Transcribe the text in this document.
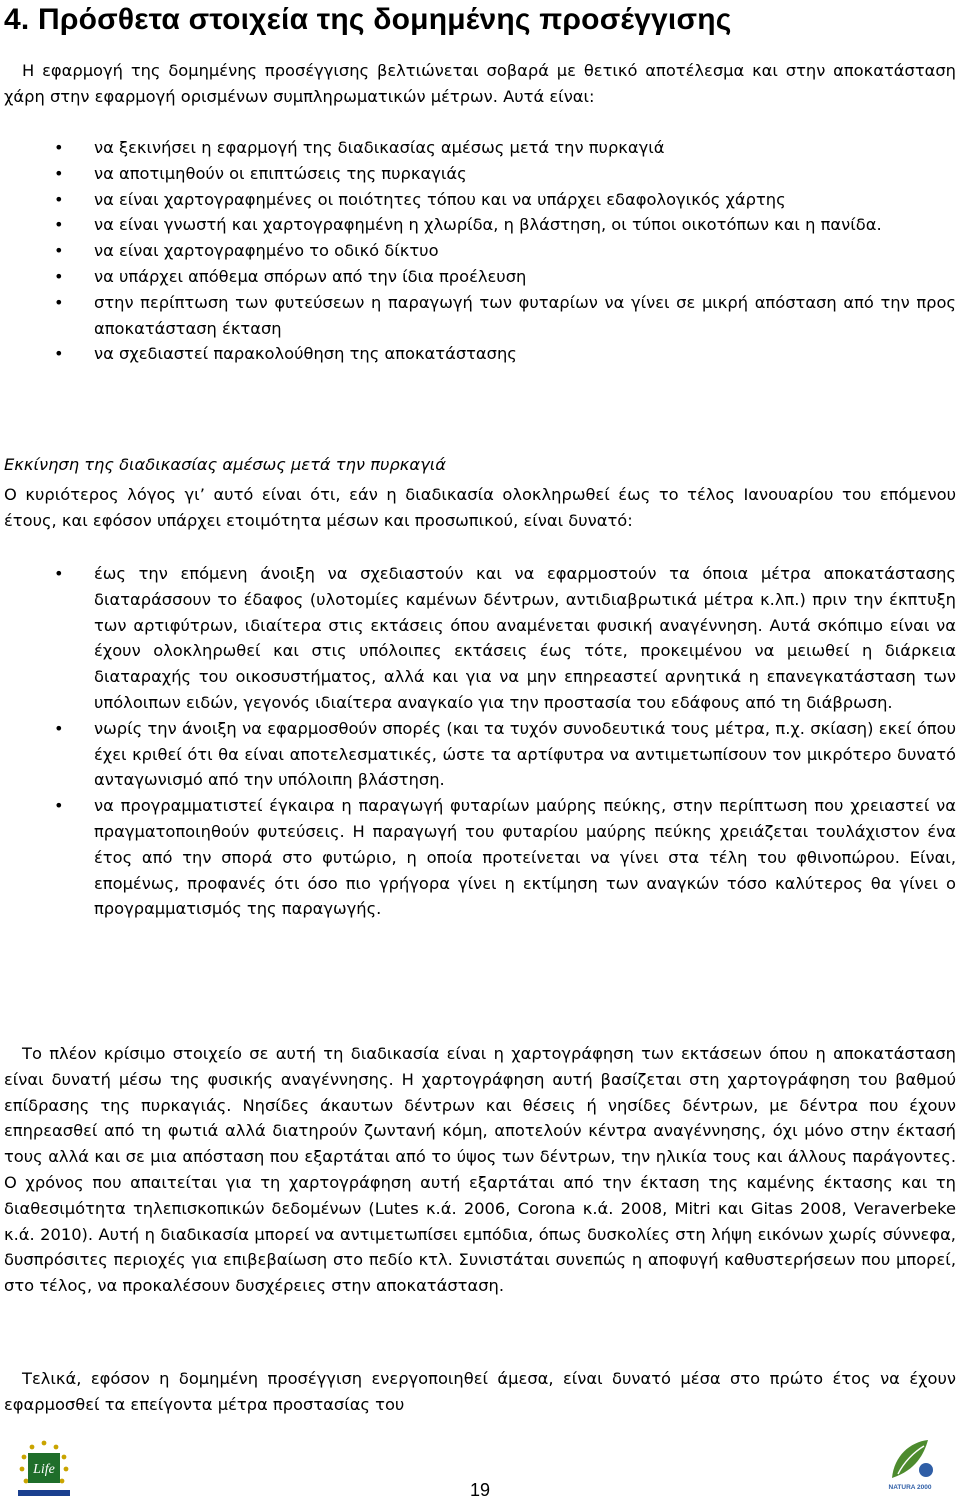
4. Πρόσθετα στοιχεία της δομημένης προσέγγισης
Η εφαρμογή της δομημένης προσέγγισης βελτιώνεται σοβαρά με θετικό αποτέλεσμα και στην αποκατάσταση χάρη στην εφαρμογή ορισμένων συμπληρωματικών μέτρων. Αυτά είναι:
• να ξεκινήσει η εφαρμογή της διαδικασίας αμέσως μετά την πυρκαγιά
• να αποτιμηθούν οι επιπτώσεις της πυρκαγιάς
• να είναι χαρτογραφημένες οι ποιότητες τόπου και να υπάρχει εδαφολογικός χάρτης
• να είναι γνωστή και χαρτογραφημένη η χλωρίδα, η βλάστηση, οι τύποι οικοτόπων και η πανίδα.
• να είναι χαρτογραφημένο το οδικό δίκτυο
• να υπάρχει απόθεμα σπόρων από την ίδια προέλευση
• στην περίπτωση των φυτεύσεων η παραγωγή των φυταρίων να γίνει σε μικρή απόσταση από την προς αποκατάσταση έκταση
• να σχεδιαστεί παρακολούθηση της αποκατάστασης
Εκκίνηση της διαδικασίας αμέσως μετά την πυρκαγιά
Ο κυριότερος λόγος γι’ αυτό είναι ότι, εάν η διαδικασία ολοκληρωθεί έως το τέλος Ιανουαρίου του επόμενου έτους, και εφόσον υπάρχει ετοιμότητα μέσων και προσωπικού, είναι δυνατό:
• έως την επόμενη άνοιξη να σχεδιαστούν και να εφαρμοστούν τα όποια μέτρα αποκατάστασης διαταράσσουν το έδαφος (υλοτομίες καμένων δέντρων, αντιδιαβρωτικά μέτρα κ.λπ.) πριν την έκπτυξη των αρτιφύτρων, ιδιαίτερα στις εκτάσεις όπου αναμένεται φυσική αναγέννηση. Αυτά σκόπιμο είναι να έχουν ολοκληρωθεί και στις υπόλοιπες εκτάσεις έως τότε, προκειμένου να μειωθεί η διάρκεια διαταραχής του οικοσυστήματος, αλλά και για να μην επηρεαστεί αρνητικά η επανεγκατάσταση των υπόλοιπων ειδών, γεγονός ιδιαίτερα αναγκαίο για την προστασία του εδάφους από τη διάβρωση.
• νωρίς την άνοιξη να εφαρμοσθούν σπορές (και τα τυχόν συνοδευτικά τους μέτρα, π.χ. σκίαση) εκεί όπου έχει κριθεί ότι θα είναι αποτελεσματικές, ώστε τα αρτίφυτρα να αντιμετωπίσουν τον μικρότερο δυνατό ανταγωνισμό από την υπόλοιπη βλάστηση.
• να προγραμματιστεί έγκαιρα η παραγωγή φυταρίων μαύρης πεύκης, στην περίπτωση που χρειαστεί να πραγματοποιηθούν φυτεύσεις. Η παραγωγή του φυταρίου μαύρης πεύκης χρειάζεται τουλάχιστον ένα έτος από την σπορά στο φυτώριο, η οποία προτείνεται να γίνει στα τέλη του φθινοπώρου. Είναι, επομένως, προφανές ότι όσο πιο γρήγορα γίνει η εκτίμηση των αναγκών τόσο καλύτερος θα γίνει ο προγραμματισμός της παραγωγής.
Το πλέον κρίσιμο στοιχείο σε αυτή τη διαδικασία είναι η χαρτογράφηση των εκτάσεων όπου η αποκατάσταση είναι δυνατή μέσω της φυσικής αναγέννησης. Η χαρτογράφηση αυτή βασίζεται στη χαρτογράφηση του βαθμού επίδρασης της πυρκαγιάς. Νησίδες άκαυτων δέντρων και θέσεις ή νησίδες δέντρων, με δέντρα που έχουν επηρεασθεί από τη φωτιά αλλά διατηρούν ζωντανή κόμη, αποτελούν κέντρα αναγέννησης, όχι μόνο στην έκτασή τους αλλά και σε μια απόσταση που εξαρτάται από το ύψος των δέντρων, την ηλικία τους και άλλους παράγοντες. Ο χρόνος που απαιτείται για τη χαρτογράφηση αυτή εξαρτάται από την έκταση της καμένης έκτασης και τη διαθεσιμότητα τηλεπισκοπικών δεδομένων (Lutes κ.ά. 2006, Corona κ.ά. 2008, Mitri και Gitas 2008, Veraverbeke κ.ά. 2010). Αυτή η διαδικασία μπορεί να αντιμετωπίσει εμπόδια, όπως δυσκολίες στη λήψη εικόνων χωρίς σύννεφα, δυσπρόσιτες περιοχές για επιβεβαίωση στο πεδίο κτλ. Συνιστάται συνεπώς η αποφυγή καθυστερήσεων που μπορεί, στο τέλος, να προκαλέσουν δυσχέρειες στην αποκατάσταση.
Τελικά, εφόσον η δομημένη προσέγγιση ενεργοποιηθεί άμεσα, είναι δυνατό μέσα στο πρώτο έτος να έχουν εφαρμοσθεί τα επείγοντα μέτρα προστασίας του
Life
NATURA 2000
19
